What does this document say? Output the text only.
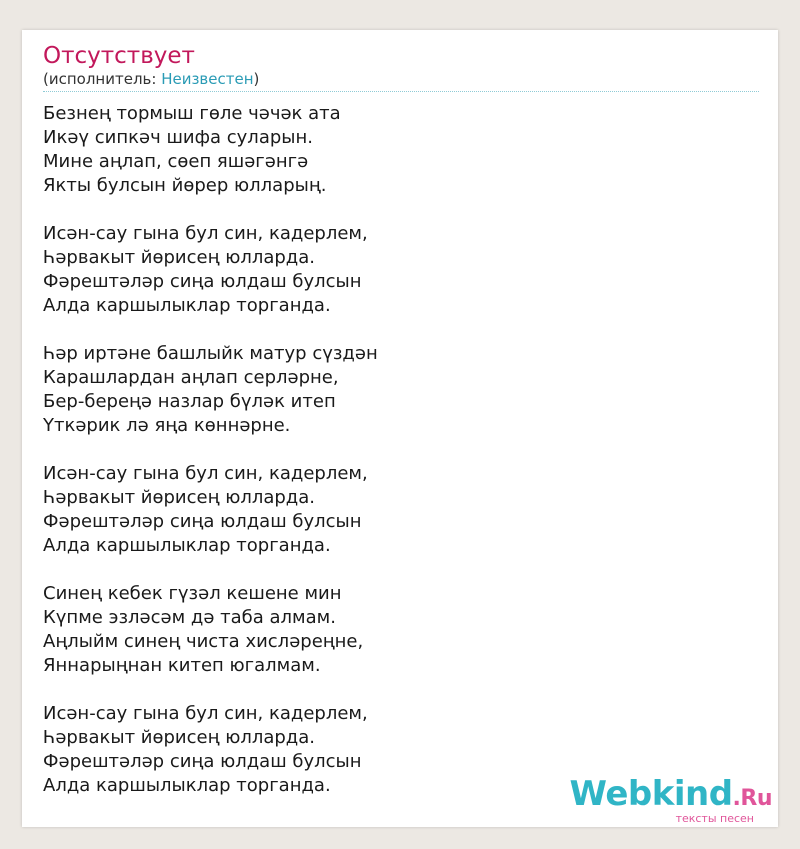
Отсутствует
(исполнитель: Неизвестен)
Безнең тормыш гөле чәчәк ата
Икәү сипкәч шифа суларын.
Мине аңлап, сөеп яшәгәнгә
Якты булсын йөрер юлларың.
Исән-сау гына бул син, кадерлем,
Һәрвакыт йөрисең юлларда.
Фәрештәләр сиңа юлдаш булсын
Алда каршылыклар торганда.
Һәр иртәне башлыйк матур сүздән
Карашлардан аңлап серләрне,
Бер-береңә назлар бүләк итеп
Үткәрик лә яңа көннәрне.
Исән-сау гына бул син, кадерлем,
Һәрвакыт йөрисең юлларда.
Фәрештәләр сиңа юлдаш булсын
Алда каршылыклар торганда.
Синең кебек гүзәл кешене мин
Күпме эзләсәм дә таба алмам.
Аңлыйм синең чиста хисләреңне,
Яннарыңнан китеп югалмам.
Исән-сау гына бул син, кадерлем,
Һәрвакыт йөрисең юлларда.
Фәрештәләр сиңа юлдаш булсын
Алда каршылыклар торганда.	Webkind.Ru
тексты песен
